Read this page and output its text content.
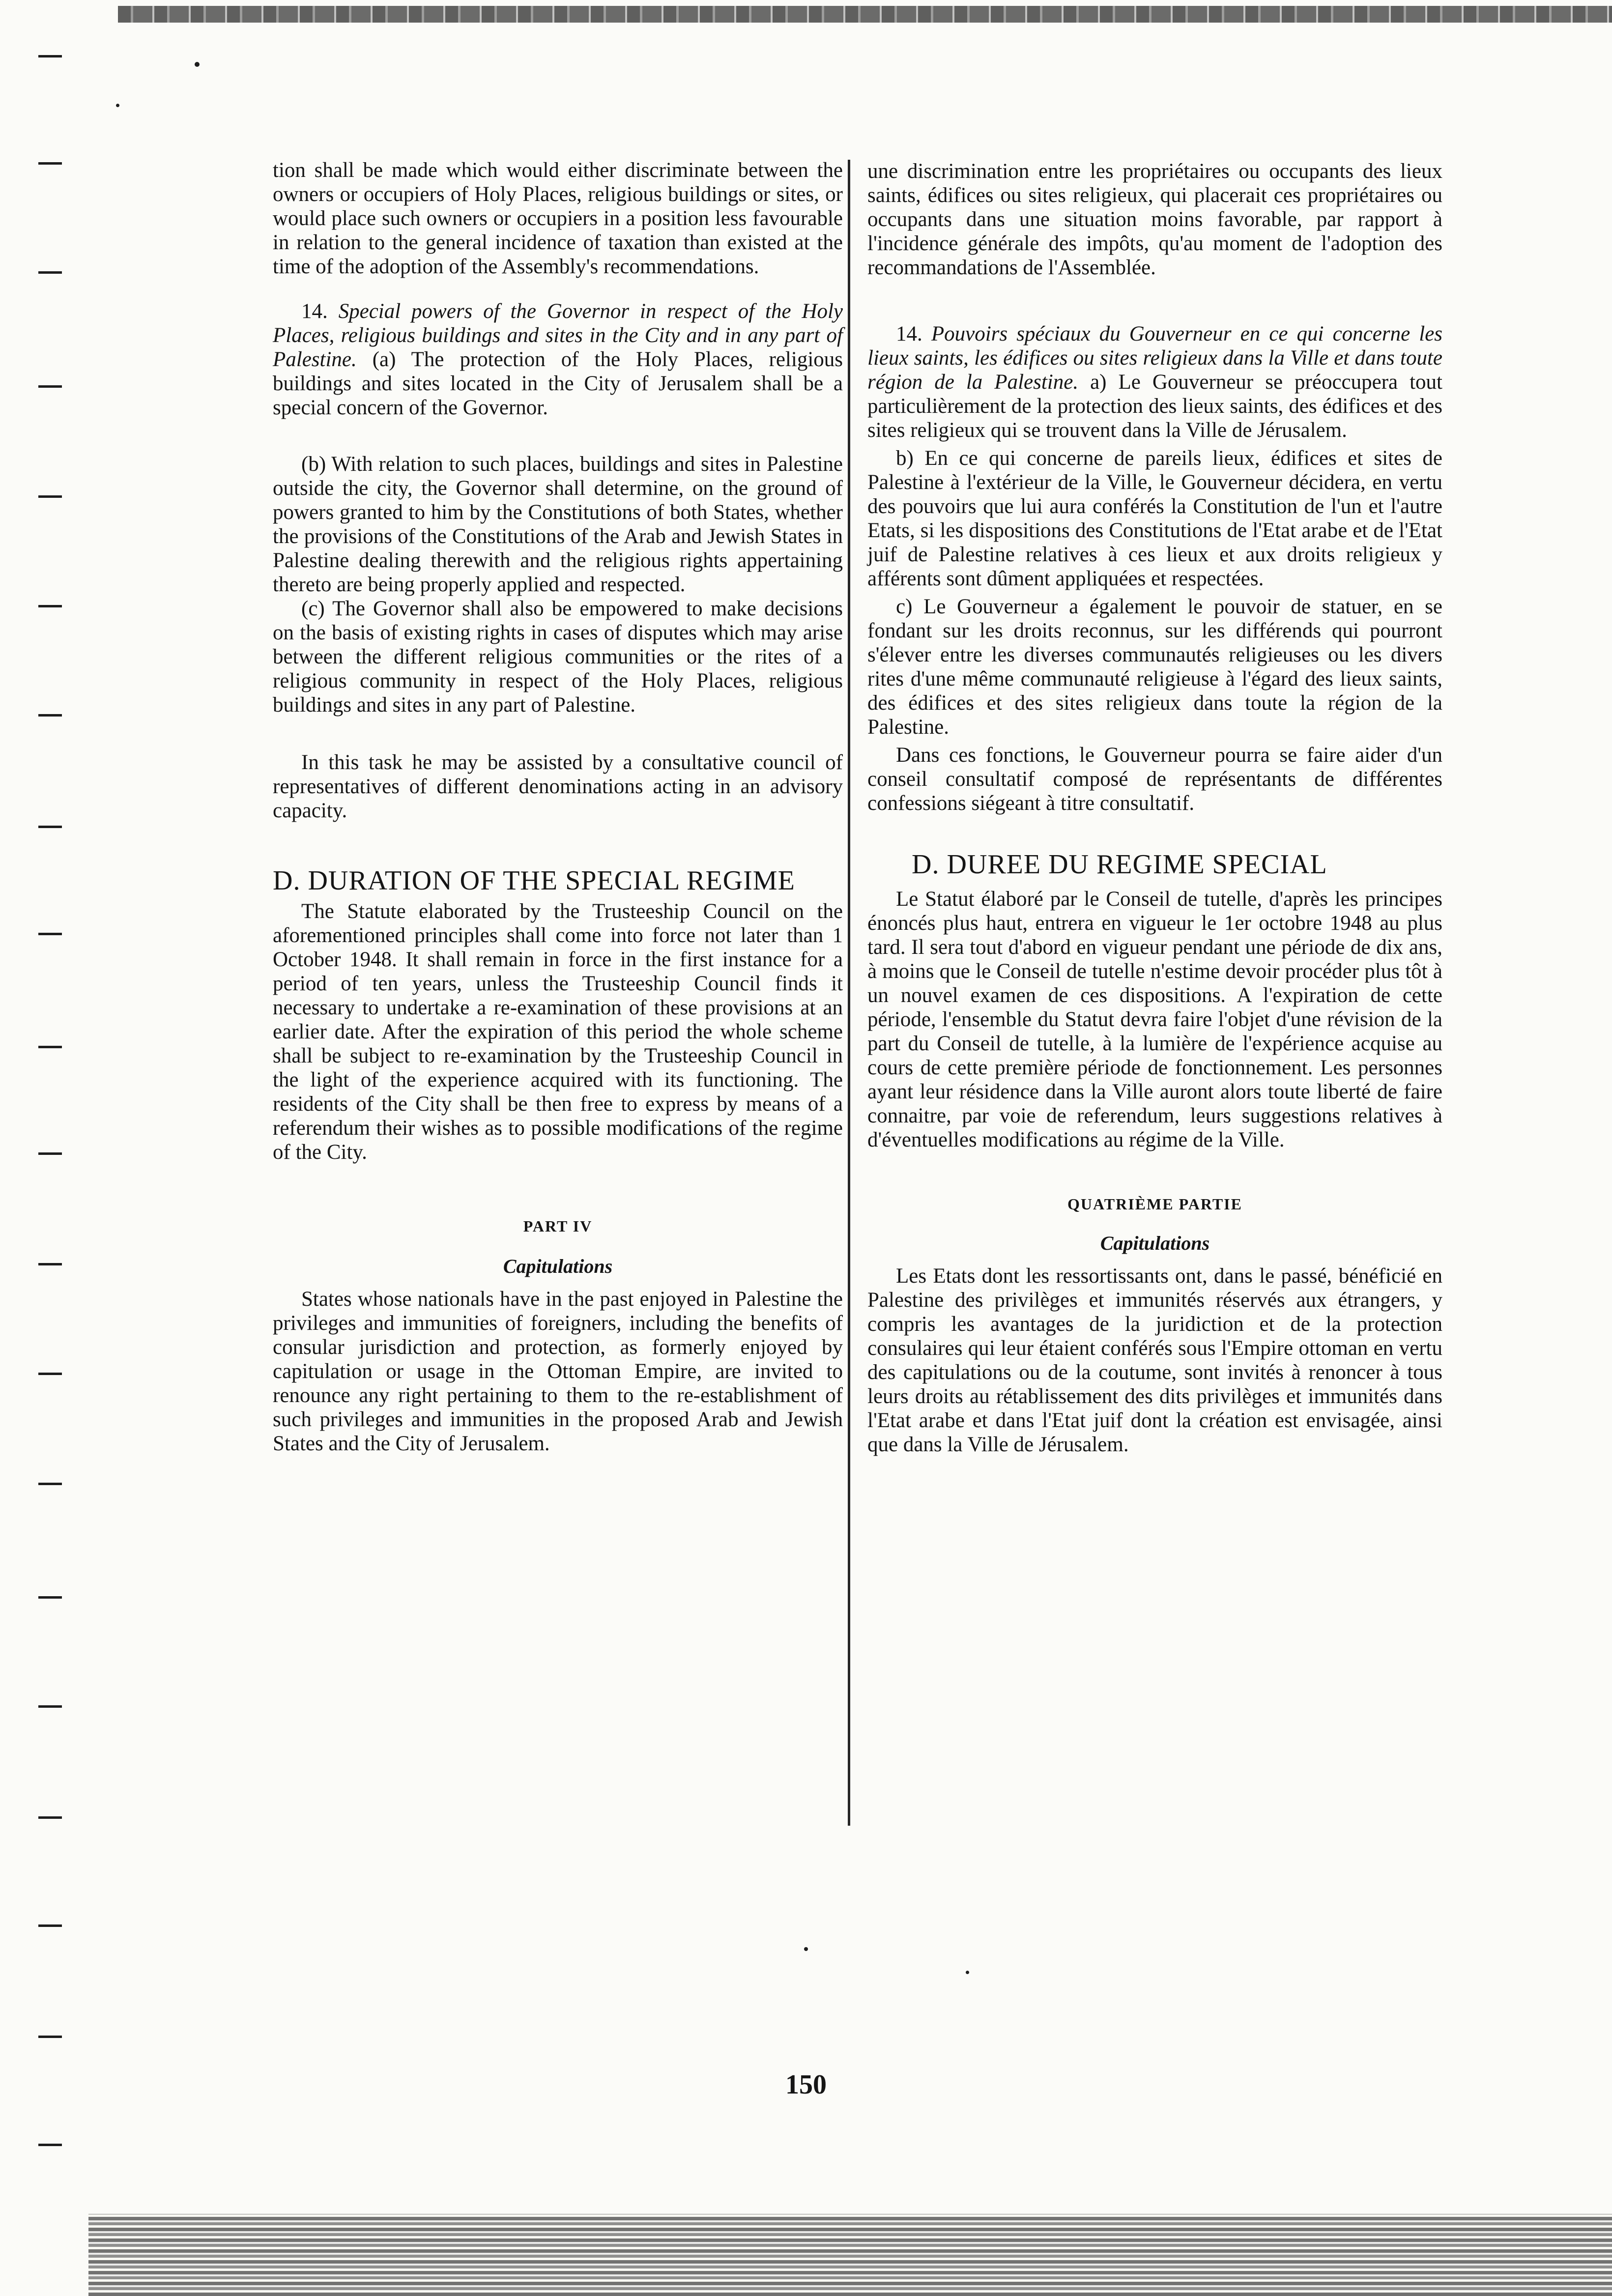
tion shall be made which would either discriminate between the owners or occupiers of Holy Places, religious buildings or sites, or would place such owners or occupiers in a position less favourable in relation to the general incidence of taxation than existed at the time of the adoption of the Assembly's recommendations.

14. Special powers of the Governor in respect of the Holy Places, religious buildings and sites in the City and in any part of Palestine. (a) The protection of the Holy Places, religious buildings and sites located in the City of Jerusalem shall be a special concern of the Governor.

(b) With relation to such places, buildings and sites in Palestine outside the city, the Governor shall determine, on the ground of powers granted to him by the Constitutions of both States, whether the provisions of the Constitutions of the Arab and Jewish States in Palestine dealing therewith and the religious rights appertaining thereto are being properly applied and respected.

(c) The Governor shall also be empowered to make decisions on the basis of existing rights in cases of disputes which may arise between the different religious communities or the rites of a religious community in respect of the Holy Places, religious buildings and sites in any part of Palestine.

In this task he may be assisted by a consultative council of representatives of different denominations acting in an advisory capacity.

D. DURATION OF THE SPECIAL REGIME

The Statute elaborated by the Trusteeship Council on the aforementioned principles shall come into force not later than 1 October 1948. It shall remain in force in the first instance for a period of ten years, unless the Trusteeship Council finds it necessary to undertake a re-examination of these provisions at an earlier date. After the expiration of this period the whole scheme shall be subject to re-examination by the Trusteeship Council in the light of the experience acquired with its functioning. The residents of the City shall be then free to express by means of a referendum their wishes as to possible modifications of the regime of the City.

PART IV
Capitulations

States whose nationals have in the past enjoyed in Palestine the privileges and immunities of foreigners, including the benefits of consular jurisdiction and protection, as formerly enjoyed by capitulation or usage in the Ottoman Empire, are invited to renounce any right pertaining to them to the re-establishment of such privileges and immunities in the proposed Arab and Jewish States and the City of Jerusalem.

une discrimination entre les propriétaires ou occupants des lieux saints, édifices ou sites religieux, qui placerait ces propriétaires ou occupants dans une situation moins favorable, par rapport à l'incidence générale des impôts, qu'au moment de l'adoption des recommandations de l'Assemblée.

14. Pouvoirs spéciaux du Gouverneur en ce qui concerne les lieux saints, les édifices ou sites religieux dans la Ville et dans toute région de la Palestine. a) Le Gouverneur se préoccupera tout particulièrement de la protection des lieux saints, des édifices et des sites religieux qui se trouvent dans la Ville de Jérusalem.

b) En ce qui concerne de pareils lieux, édifices et sites de Palestine à l'extérieur de la Ville, le Gouverneur décidera, en vertu des pouvoirs que lui aura conférés la Constitution de l'un et l'autre Etats, si les dispositions des Constitutions de l'Etat arabe et de l'Etat juif de Palestine relatives à ces lieux et aux droits religieux y afférents sont dûment appliquées et respectées.

c) Le Gouverneur a également le pouvoir de statuer, en se fondant sur les droits reconnus, sur les différends qui pourront s'élever entre les diverses communautés religieuses ou les divers rites d'une même communauté religieuse à l'égard des lieux saints, des édifices et des sites religieux dans toute la région de la Palestine.

Dans ces fonctions, le Gouverneur pourra se faire aider d'un conseil consultatif composé de représentants de différentes confessions siégeant à titre consultatif.

D. DUREE DU REGIME SPECIAL

Le Statut élaboré par le Conseil de tutelle, d'après les principes énoncés plus haut, entrera en vigueur le 1er octobre 1948 au plus tard. Il sera tout d'abord en vigueur pendant une période de dix ans, à moins que le Conseil de tutelle n'estime devoir procéder plus tôt à un nouvel examen de ces dispositions. A l'expiration de cette période, l'ensemble du Statut devra faire l'objet d'une révision de la part du Conseil de tutelle, à la lumière de l'expérience acquise au cours de cette première période de fonctionnement. Les personnes ayant leur résidence dans la Ville auront alors toute liberté de faire connaitre, par voie de referendum, leurs suggestions relatives à d'éventuelles modifications au régime de la Ville.

QUATRIÈME PARTIE
Capitulations

Les Etats dont les ressortissants ont, dans le passé, bénéficié en Palestine des privilèges et immunités réservés aux étrangers, y compris les avantages de la juridiction et de la protection consulaires qui leur étaient conférés sous l'Empire ottoman en vertu des capitulations ou de la coutume, sont invités à renoncer à tous leurs droits au rétablissement des dits privilèges et immunités dans l'Etat arabe et dans l'Etat juif dont la création est envisagée, ainsi que dans la Ville de Jérusalem.

150
